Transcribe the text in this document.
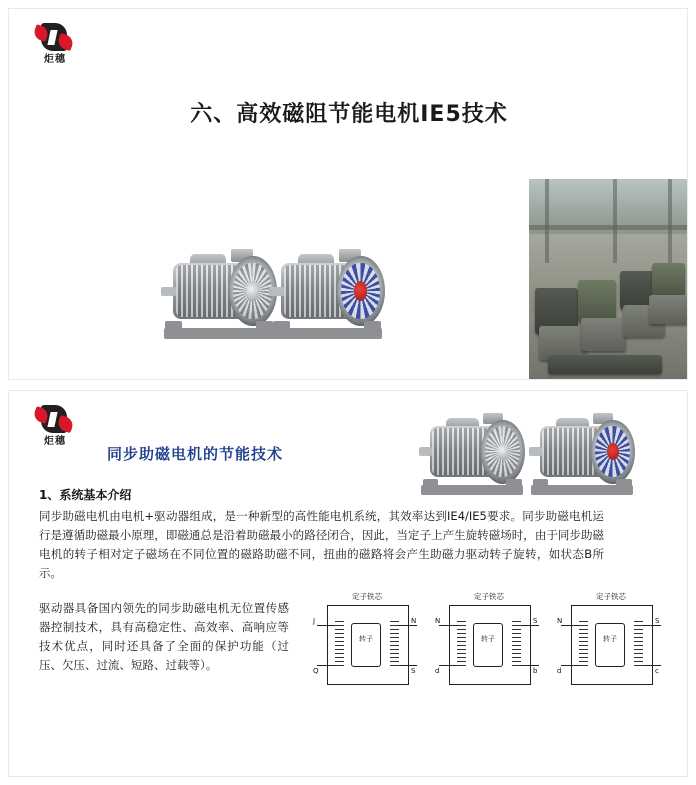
炬穗
六、高效磁阻节能电机IE5技术
炬穗
同步助磁电机的节能技术
1、系统基本介绍
同步助磁电机由电机+驱动器组成，是一种新型的高性能电机系统，其效率达到IE4/IE5要求。同步助磁电机运行是遵循助磁最小原理，即磁通总是沿着助磁最小的路径闭合，因此，当定子上产生旋转磁场时，由于同步助磁电机的转子相对定子磁场在不同位置的磁路助磁不同，扭曲的磁路将会产生助磁力驱动转子旋转，如状态B所示。
驱动器具备国内领先的同步助磁电机无位置传感器控制技术，具有高稳定性、高效率、高响应等技术优点，同时还具备了全面的保护功能（过压、欠压、过流、短路、过载等）。
定子铁芯
转子
J	N
S
Q
定子铁芯
转子
N	S
b
d
定子铁芯
转子
N	S
c
d
